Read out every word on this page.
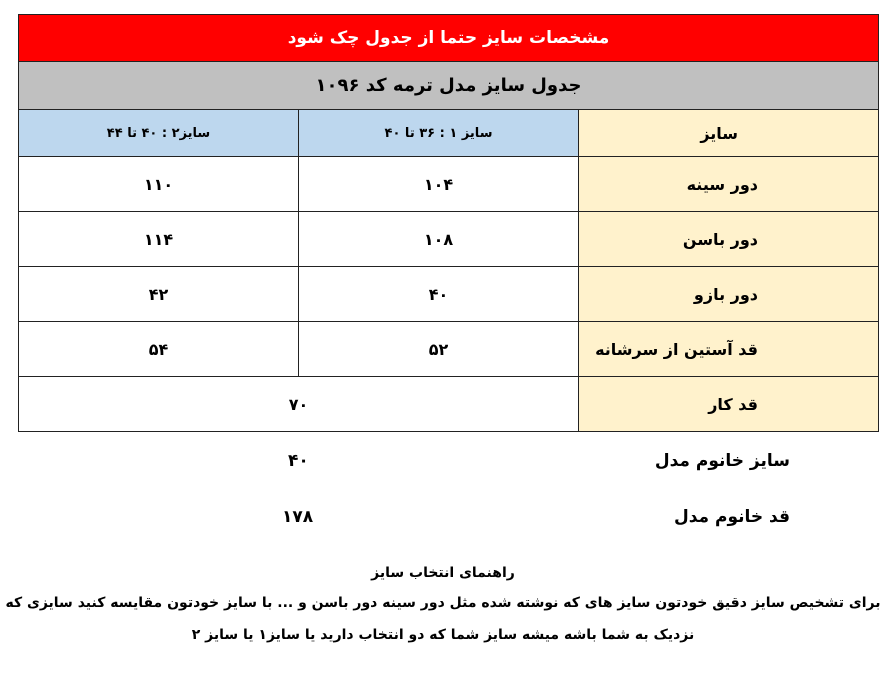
مشخصات سایز حتما از جدول چک شود		
جدول سایز مدل ترمه کد ۱۰۹۶		
سایز	سایز ۱ : ۳۶ تا ۴۰	سایز۲ : ۴۰ تا ۴۴
دور سینه	۱۰۴	۱۱۰
دور باسن	۱۰۸	۱۱۴
دور بازو	۴۰	۴۲
قد آستین از سرشانه	۵۲	۵۴
قد کار	۷۰	
سایز خانوم مدل
۴۰
قد خانوم مدل
۱۷۸
راهنمای انتخاب سایز
برای تشخیص سایز دقیق خودتون سایز های که نوشته شده مثل دور سینه دور باسن و ... با سایز خودتون مقایسه کنید سایزی که
نزدیک به شما باشه میشه سایز شما که دو انتخاب دارید یا سایز۱ یا سایز ۲
